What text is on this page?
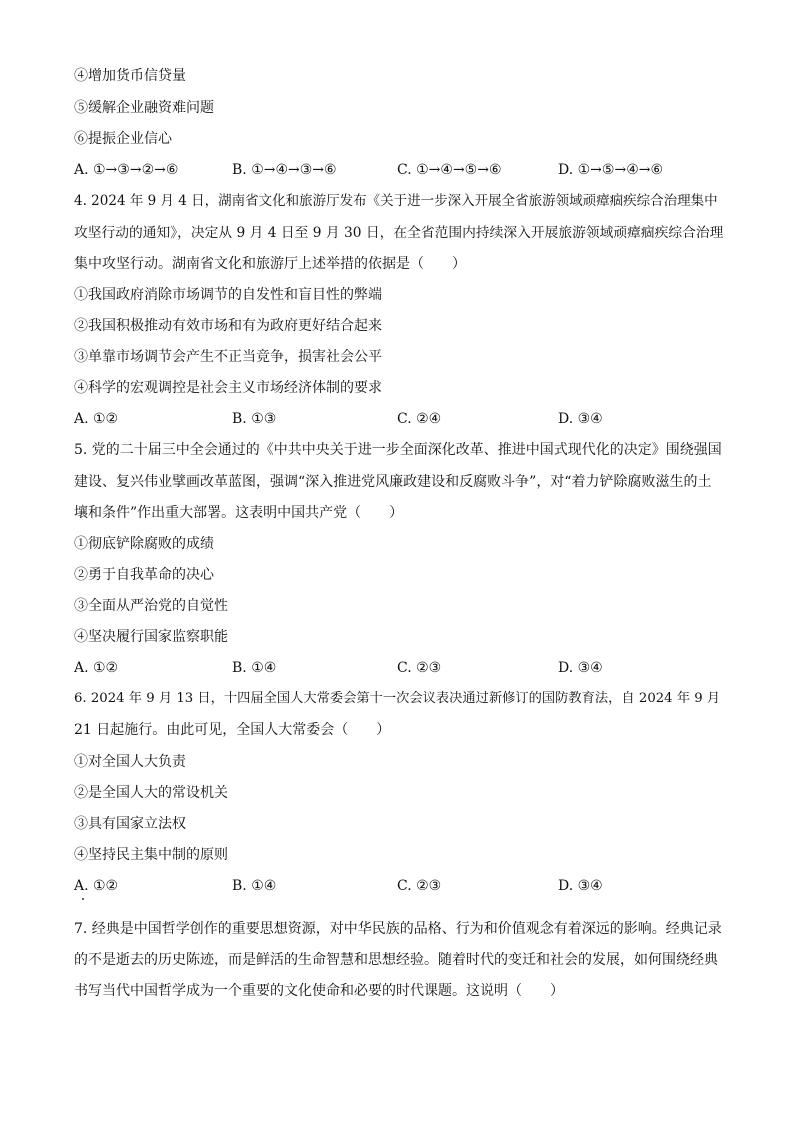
④增加货币信贷量
⑤缓解企业融资难问题
⑥提振企业信心
A. ①→③→②→⑥	B. ①→④→③→⑥	C. ①→④→⑤→⑥	D. ①→⑤→④→⑥
4. 2024 年 9 月 4 日，湖南省文化和旅游厅发布《关于进一步深入开展全省旅游领域顽瘴痼疾综合治理集中
攻坚行动的通知》，决定从 9 月 4 日至 9 月 30 日，在全省范围内持续深入开展旅游领域顽瘴痼疾综合治理
集中攻坚行动。湖南省文化和旅游厅上述举措的依据是（　　）
①我国政府消除市场调节的自发性和盲目性的弊端
②我国积极推动有效市场和有为政府更好结合起来
③单靠市场调节会产生不正当竞争，损害社会公平
④科学的宏观调控是社会主义市场经济体制的要求
A. ①②	B. ①③	C. ②④	D. ③④
5. 党的二十届三中全会通过的《中共中央关于进一步全面深化改革、推进中国式现代化的决定》围绕强国
建设、复兴伟业擘画改革蓝图，强调“深入推进党风廉政建设和反腐败斗争”，对“着力铲除腐败滋生的土
壤和条件”作出重大部署。这表明中国共产党（　　）
①彻底铲除腐败的成绩
②勇于自我革命的决心
③全面从严治党的自觉性
④坚决履行国家监察职能
A. ①②	B. ①④	C. ②③	D. ③④
6. 2024 年 9 月 13 日，十四届全国人大常委会第十一次会议表决通过新修订的国防教育法，自 2024 年 9 月
21 日起施行。由此可见，全国人大常委会（　　）
①对全国人大负责
②是全国人大的常设机关
③具有国家立法权
④坚持民主集中制的原则
A. ①②	B. ①④	C. ②③	D. ③④
7. 经典是中国哲学创作的重要思想资源，对中华民族的品格、行为和价值观念有着深远的影响。经典记录
的不是逝去的历史陈迹，而是鲜活的生命智慧和思想经验。随着时代的变迁和社会的发展，如何围绕经典
书写当代中国哲学成为一个重要的文化使命和必要的时代课题。这说明（　　）
